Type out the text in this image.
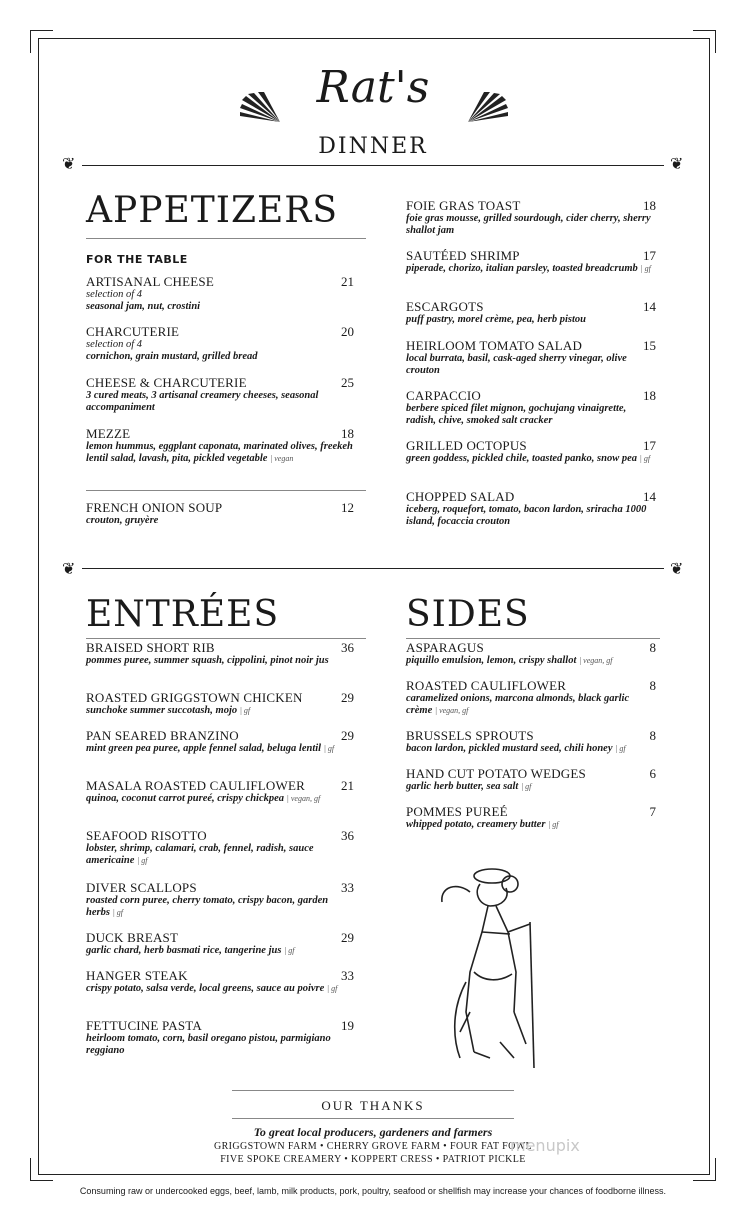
Rat's
DINNER
❦	❦
APPETIZERS
FOR THE TABLE
ARTISANAL CHEESE	21
selection of 4
seasonal jam, nut, crostini
CHARCUTERIE	20
selection of 4
cornichon, grain mustard, grilled bread
CHEESE & CHARCUTERIE	25
3 cured meats, 3 artisanal creamery cheeses, seasonal accompaniment
MEZZE	18
lemon hummus, eggplant caponata, marinated olives, freekeh lentil salad, lavash, pita, pickled vegetable | vegan
FRENCH ONION SOUP	12
crouton, gruyère
FOIE GRAS TOAST	18
foie gras mousse, grilled sourdough, cider cherry, sherry shallot jam
SAUTÉED SHRIMP	17
piperade, chorizo, italian parsley, toasted breadcrumb | gf
ESCARGOTS	14
puff pastry, morel crème, pea, herb pistou
HEIRLOOM TOMATO SALAD	15
local burrata, basil, cask-aged sherry vinegar, olive crouton
CARPACCIO	18
berbere spiced filet mignon, gochujang vinaigrette, radish, chive, smoked salt cracker
GRILLED OCTOPUS	17
green goddess, pickled chile, toasted panko, snow pea | gf
CHOPPED SALAD	14
iceberg, roquefort, tomato, bacon lardon, sriracha 1000 island, focaccia crouton
❦	❦
ENTRÉES
BRAISED SHORT RIB	36
pommes puree, summer squash, cippolini, pinot noir jus
ROASTED GRIGGSTOWN CHICKEN	29
sunchoke summer succotash, mojo | gf
PAN SEARED BRANZINO	29
mint green pea puree, apple fennel salad, beluga lentil | gf
MASALA ROASTED CAULIFLOWER	21
quinoa, coconut carrot pureé, crispy chickpea | vegan, gf
SEAFOOD RISOTTO	36
lobster, shrimp, calamari, crab, fennel, radish, sauce americaine | gf
DIVER SCALLOPS	33
roasted corn puree, cherry tomato, crispy bacon, garden herbs | gf
DUCK BREAST	29
garlic chard, herb basmati rice, tangerine jus | gf
HANGER STEAK	33
crispy potato, salsa verde, local greens, sauce au poivre | gf
FETTUCINE PASTA	19
heirloom tomato, corn, basil oregano pistou, parmigiano reggiano
SIDES
ASPARAGUS	8
piquillo emulsion, lemon, crispy shallot | vegan, gf
ROASTED CAULIFLOWER	8
caramelized onions, marcona almonds, black garlic crème | vegan, gf
BRUSSELS SPROUTS	8
bacon lardon, pickled mustard seed, chili honey | gf
HAND CUT POTATO WEDGES	6
garlic herb butter, sea salt | gf
POMMES PUREÉ	7
whipped potato, creamery butter | gf
OUR THANKS
To great local producers, gardeners and farmers
GRIGGSTOWN FARM • CHERRY GROVE FARM • FOUR FAT FOWL
FIVE SPOKE CREAMERY • KOPPERT CRESS • PATRIOT PICKLE
menupix
Consuming raw or undercooked eggs, beef, lamb, milk products, pork, poultry, seafood or shellfish may increase your chances of foodborne illness.
